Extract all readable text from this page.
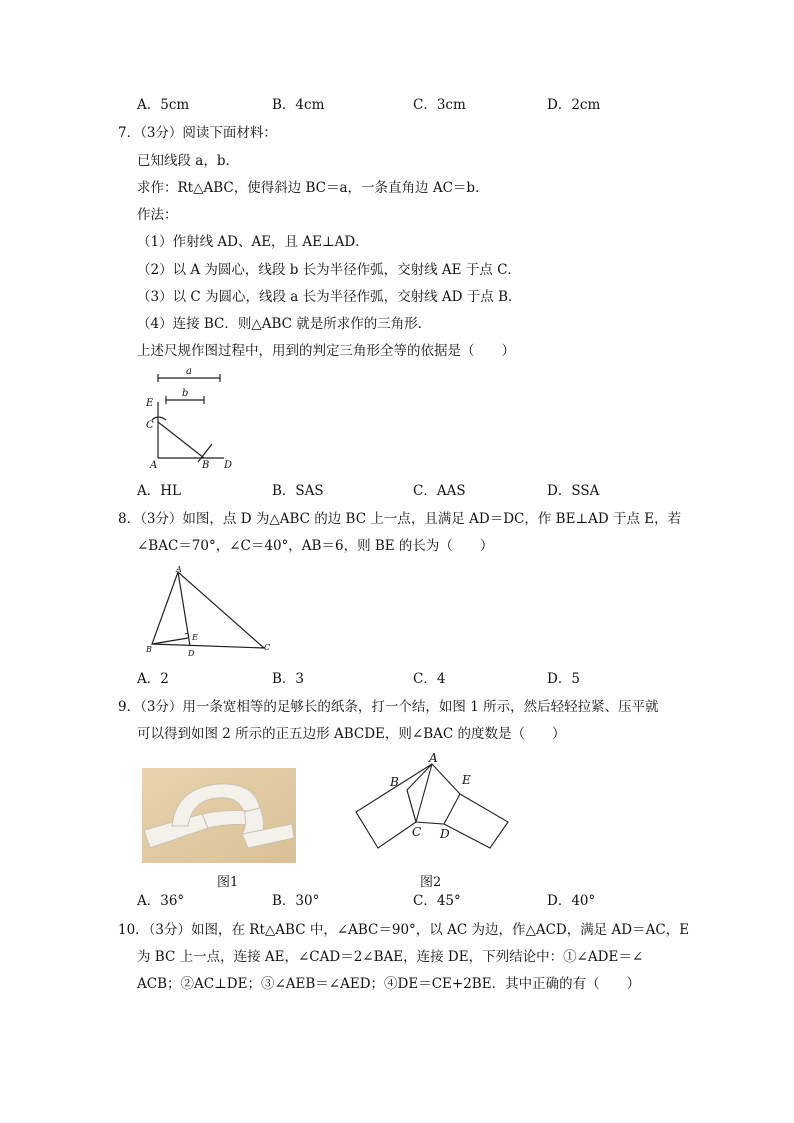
A．5cm	B．4cm	C．3cm	D．2cm
7．（3分）阅读下面材料：
已知线段 a，b．
求作：Rt△ABC，使得斜边 BC＝a，一条直角边 AC＝b．
作法：
（1）作射线 AD、AE，且 AE⊥AD．
（2）以 A 为圆心，线段 b 长为半径作弧，交射线 AE 于点 C．
（3）以 C 为圆心，线段 a 长为半径作弧，交射线 AD 于点 B．
（4）连接 BC．则△ABC 就是所求作的三角形．
上述尺规作图过程中，用到的判定三角形全等的依据是（　　）
a
b
E
C
A	B D
A．HL	B．SAS	C．AAS	D．SSA
8．（3分）如图，点 D 为△ABC 的边 BC 上一点，且满足 AD＝DC，作 BE⊥AD 于点 E，若
∠BAC＝70°，∠C＝40°，AB＝6，则 BE 的长为（　　）
A
B	C
D
E
A．2	B．3	C．4	D．5
9．（3分）用一条宽相等的足够长的纸条，打一个结，如图 1 所示，然后轻轻拉紧、压平就
可以得到如图 2 所示的正五边形 ABCDE，则∠BAC 的度数是（　　）
图1
A
B
C D
E
图2
A．36°	B．30°	C．45°	D．40°
10．（3分）如图，在 Rt△ABC 中，∠ABC＝90°，以 AC 为边，作△ACD，满足 AD＝AC，E
为 BC 上一点，连接 AE，∠CAD＝2∠BAE，连接 DE，下列结论中：①∠ADE＝∠
ACB；②AC⊥DE；③∠AEB＝∠AED；④DE＝CE+2BE．其中正确的有（　　）
